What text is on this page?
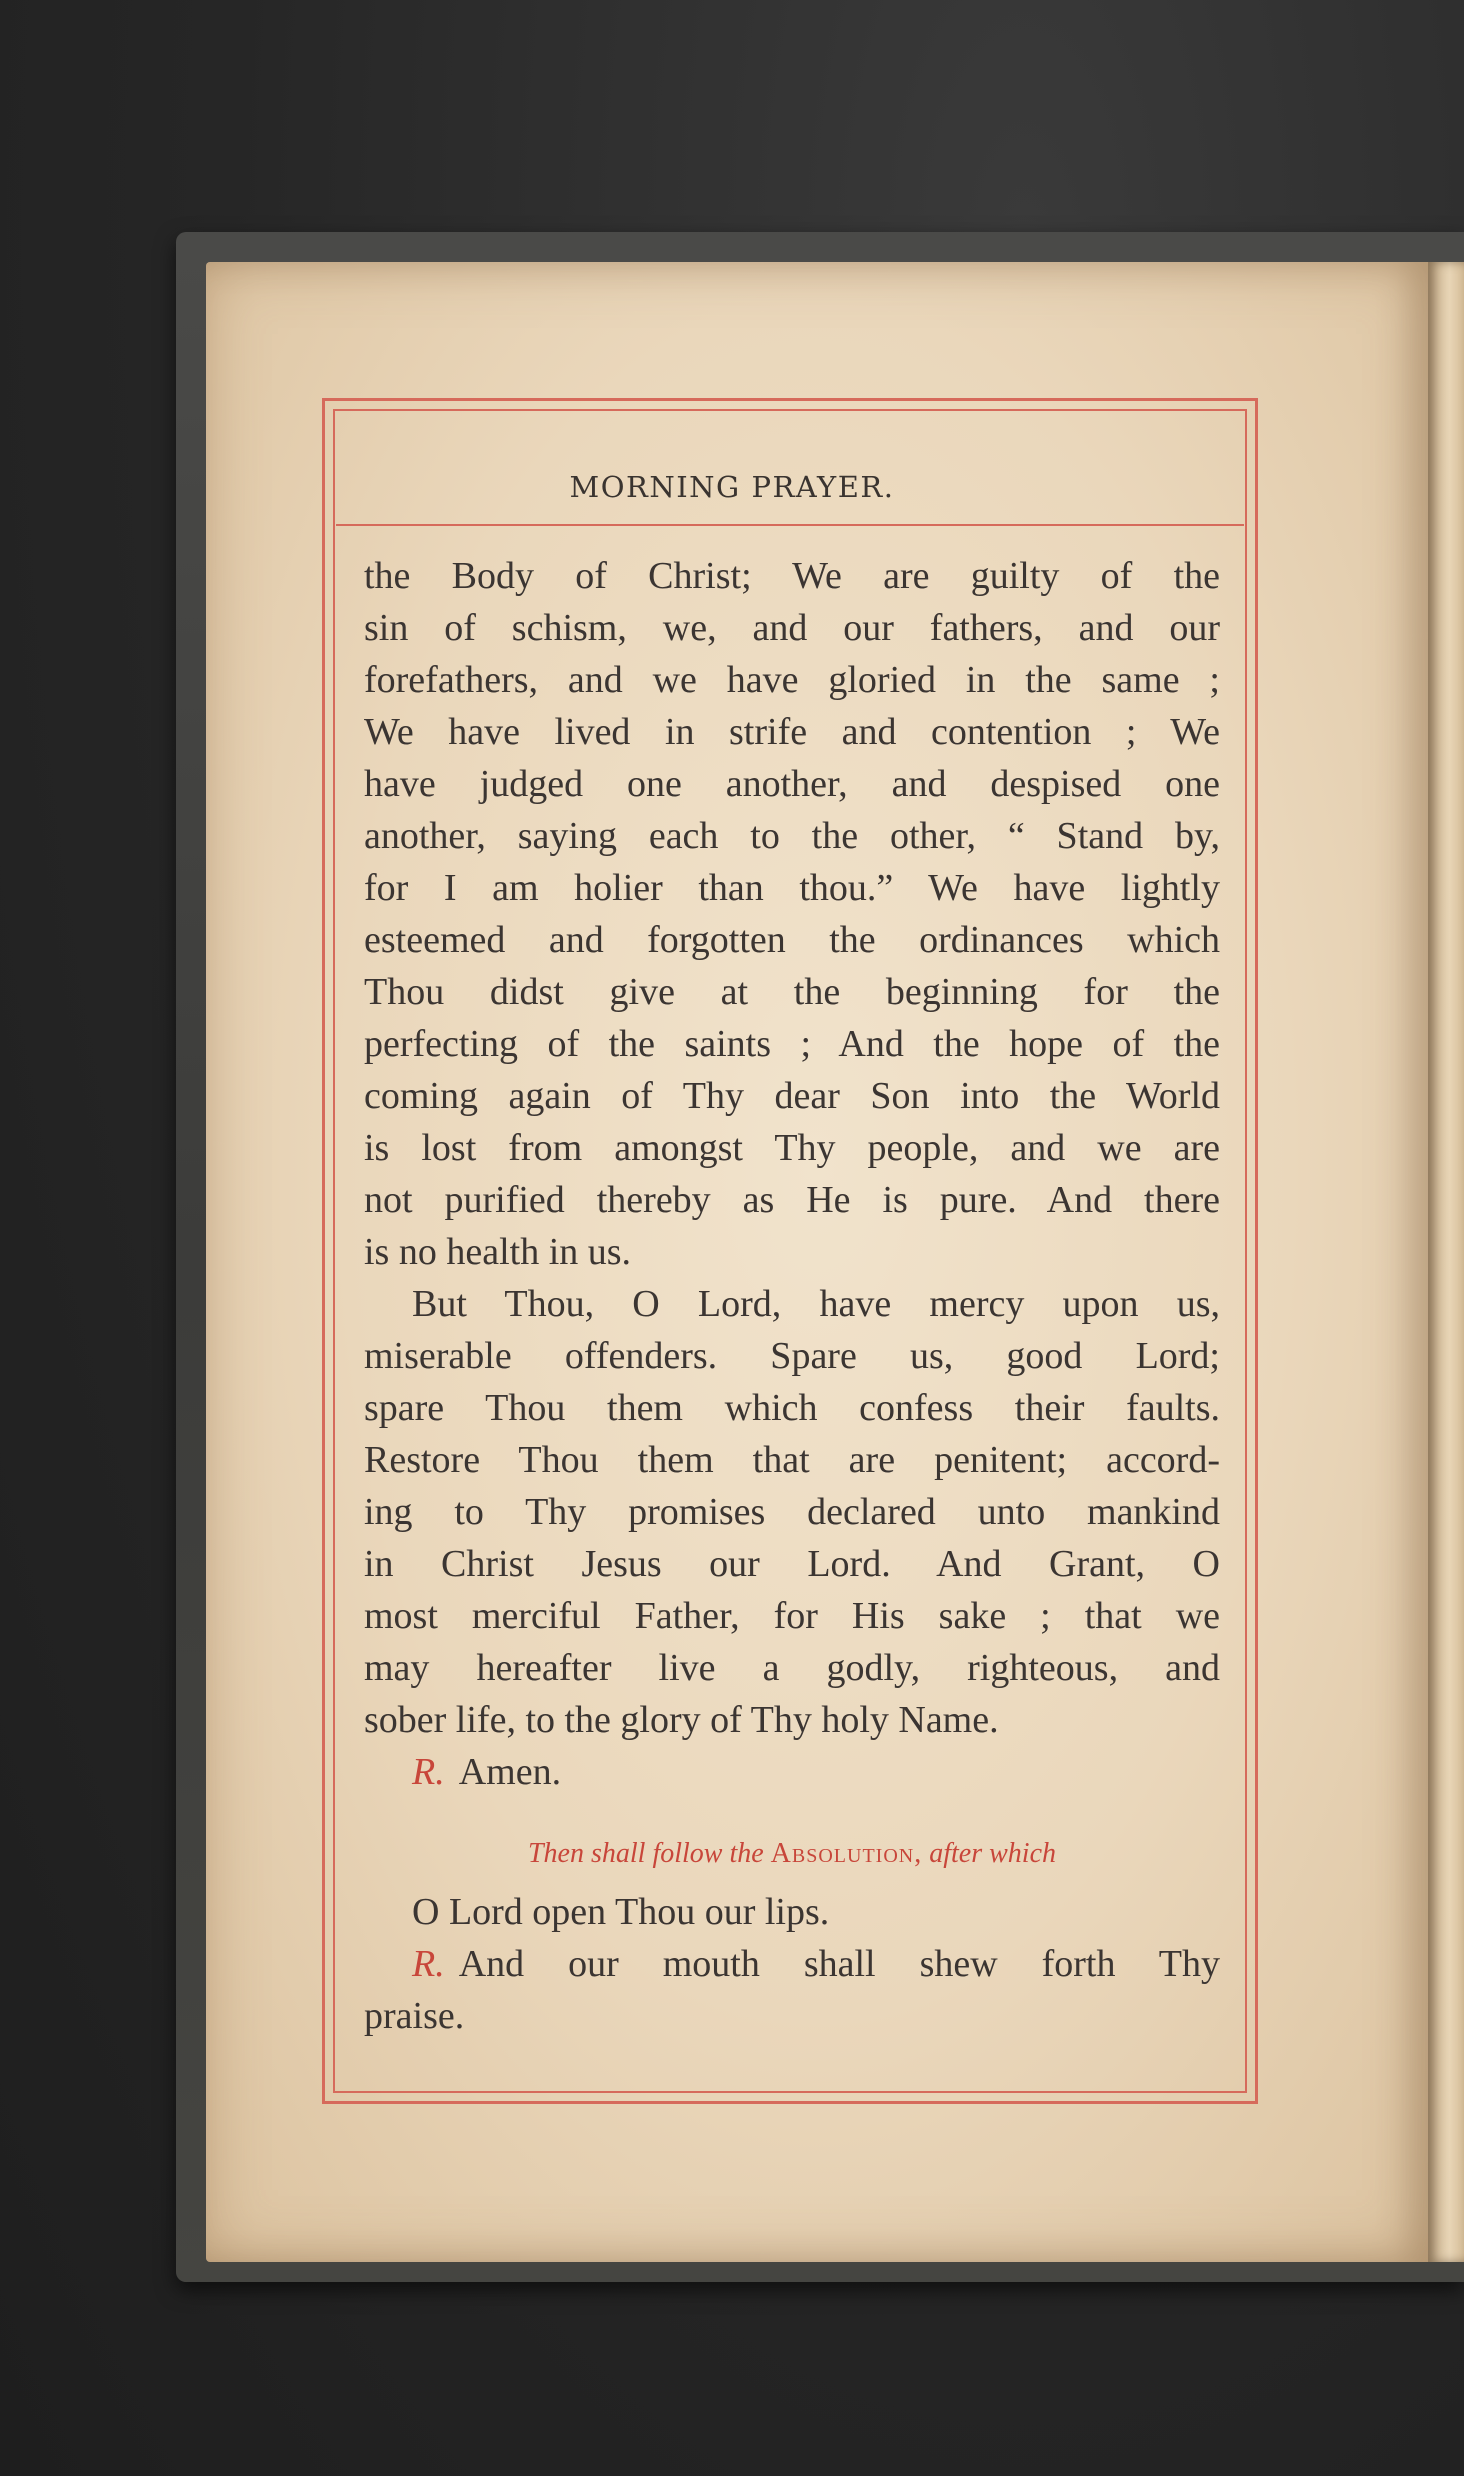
MORNING PRAYER.
the Body of Christ; We are guilty of the
sin of schism, we, and our fathers, and our
forefathers, and we have gloried in the same ;
We have lived in strife and contention ; We
have judged one another, and despised one
another, saying each to the other, “ Stand by,
for I am holier than thou.” We have lightly
esteemed and forgotten the ordinances which
Thou didst give at the beginning for the
perfecting of the saints ; And the hope of the
coming again of Thy dear Son into the World
is lost from amongst Thy people, and we are
not purified thereby as He is pure. And there
is no health in us.
But Thou, O Lord, have mercy upon us,
miserable offenders. Spare us, good Lord;
spare Thou them which confess their faults.
Restore Thou them that are penitent; accord-
ing to Thy promises declared unto mankind
in Christ Jesus our Lord. And Grant, O
most merciful Father, for His sake ; that we
may hereafter live a godly, righteous, and
sober life, to the glory of Thy holy Name.
R. Amen.
Then shall follow the Absolution, after which
O Lord open Thou our lips.
R. And our mouth shall shew forth Thy
praise.
